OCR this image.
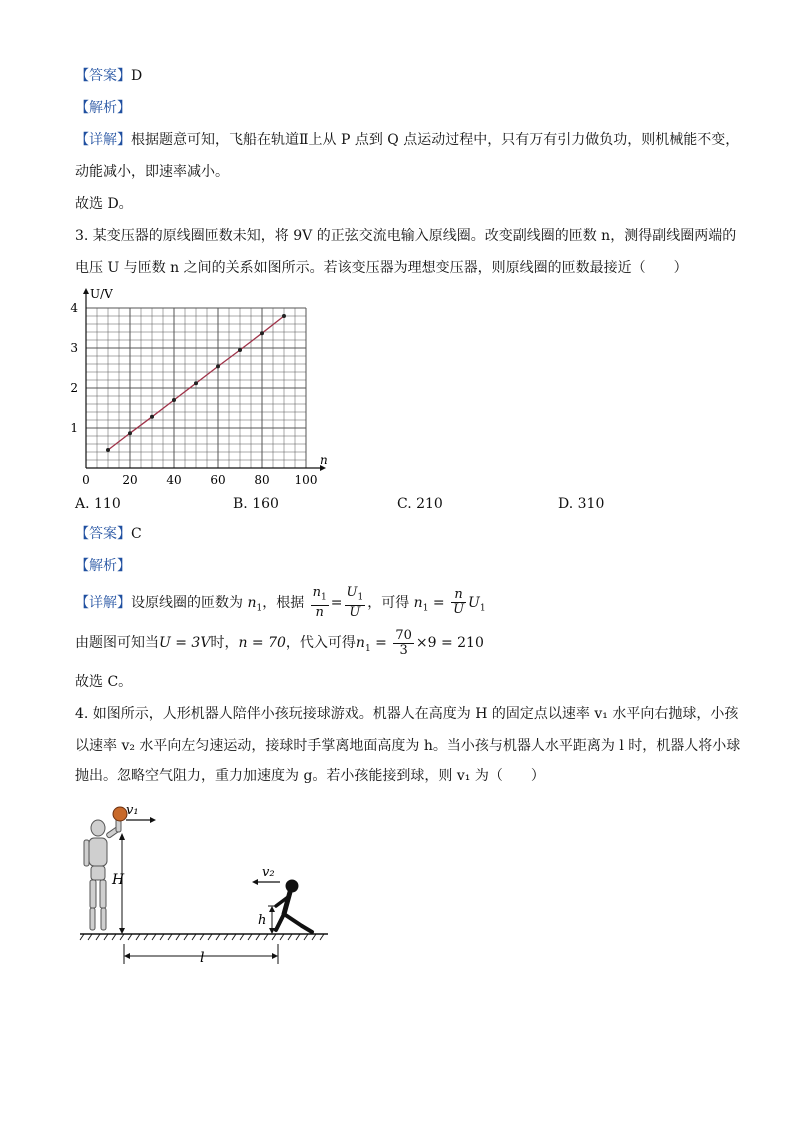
【答案】D
【解析】
【详解】根据题意可知，飞船在轨道Ⅱ上从 P 点到 Q 点运动过程中，只有万有引力做负功，则机械能不变，
动能减小，即速率减小。
故选 D。
3. 某变压器的原线圈匝数未知，将 9V 的正弦交流电输入原线圈。改变副线圈的匝数 n，测得副线圈两端的
电压 U 与匝数 n 之间的关系如图所示。若该变压器为理想变压器，则原线圈的匝数最接近（　　）
n
U/V
0	20 40 60 80 100
1
2
3
4
A. 110	B. 160	C. 210	D. 310
【答案】C
【解析】
【详解】设原线圈的匝数为 $n_1$，根据 $\frac{n_1}{n} = \frac{U_1}{U}$ ，可得 $n_1 = \frac{n}{U} U_1$
由题图可知当U = 3V时，n = 70，代入可得$n_1 = \frac{70}{3} \times 9 = 210$
故选 C。
4. 如图所示，人形机器人陪伴小孩玩接球游戏。机器人在高度为 H 的固定点以速率 v₁ 水平向右抛球，小孩
以速率 v₂ 水平向左匀速运动，接球时手掌离地面高度为 h。当小孩与机器人水平距离为 l 时，机器人将小球
抛出。忽略空气阻力，重力加速度为 g。若小孩能接到球，则 v₁ 为（　　）
v₁
H	v₂
h
l
